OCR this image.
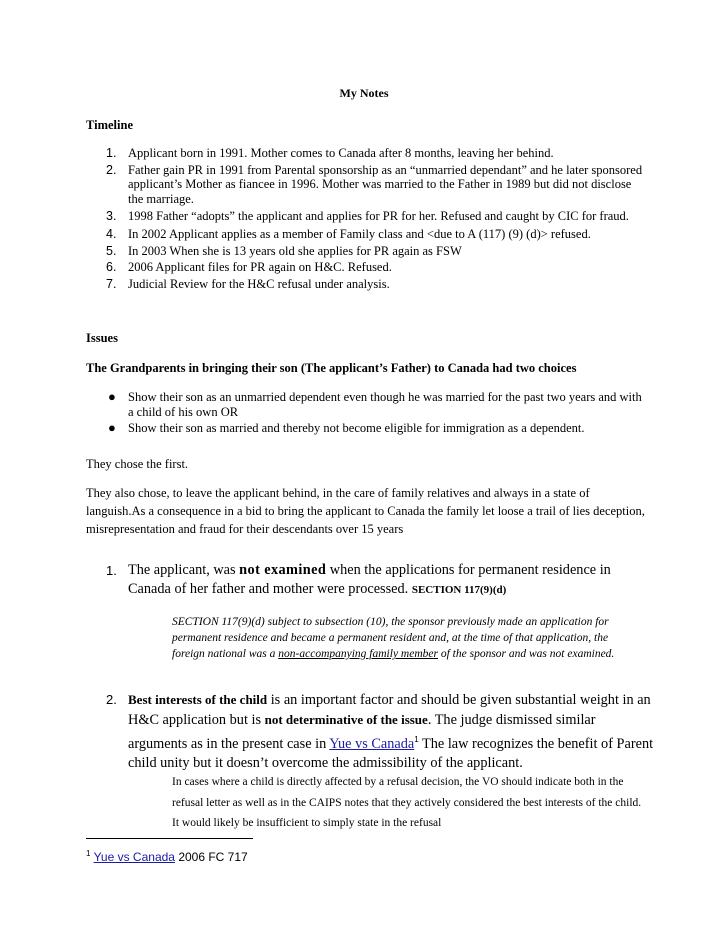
My Notes
Timeline
1. Applicant born in 1991. Mother comes to Canada after 8 months, leaving her behind.
2. Father gain PR in 1991 from Parental sponsorship as an “unmarried dependant” and he later sponsored applicant’s Mother as fiancee in 1996. Mother was married to the Father in 1989 but did not disclose the marriage.
3. 1998 Father “adopts” the applicant and applies for PR for her. Refused and caught by CIC for fraud.
4. In 2002 Applicant applies as a member of Family class and <due to A (117) (9) (d)> refused.
5. In 2003 When she is 13 years old she applies for PR again as FSW
6. 2006 Applicant files for PR again on H&C. Refused.
7. Judicial Review for the H&C refusal under analysis.
Issues
The Grandparents in bringing their son (The applicant’s Father) to Canada had two choices
● Show their son as an unmarried dependent even though he was married for the past two years and with a child of his own OR
● Show their son as married and thereby not become eligible for immigration as a dependent.
They chose the first.
They also chose, to leave the applicant behind, in the care of family relatives and always in a state of languish.As a consequence in a bid to bring the applicant to Canada the family let loose a trail of lies deception, misrepresentation and fraud for their descendants over 15 years
1. The applicant, was not examined when the applications for permanent residence in Canada of her father and mother were processed. SECTION 117(9)(d)
SECTION 117(9)(d) subject to subsection (10), the sponsor previously made an application for permanent residence and became a permanent resident and, at the time of that application, the foreign national was a non-accompanying family member of the sponsor and was not examined.
2. Best interests of the child is an important factor and should be given substantial weight in an H&C application but is not determinative of the issue. The judge dismissed similar arguments as in the present case in Yue vs Canada$^1$ The law recognizes the benefit of Parent child unity but it doesn’t overcome the admissibility of the applicant.
In cases where a child is directly affected by a refusal decision, the VO should indicate both in the refusal letter as well as in the CAIPS notes that they actively considered the best interests of the child. It would likely be insufficient to simply state in the refusal
$^1$ Yue vs Canada 2006 FC 717
